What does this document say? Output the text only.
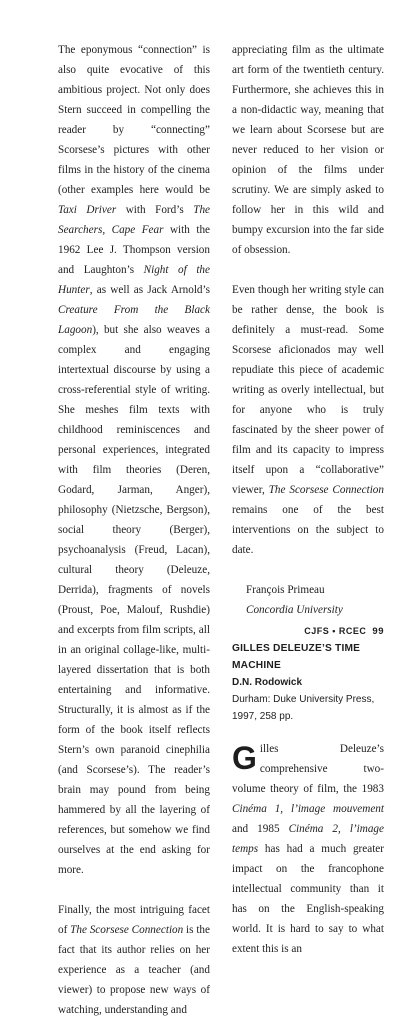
The eponymous “connection” is also quite evocative of this ambitious project. Not only does Stern succeed in compelling the reader by “connecting” Scorsese’s pictures with other films in the history of the cinema (other examples here would be Taxi Driver with Ford’s The Searchers, Cape Fear with the 1962 Lee J. Thompson version and Laughton’s Night of the Hunter, as well as Jack Arnold’s Creature From the Black Lagoon), but she also weaves a complex and engaging intertextual discourse by using a cross-referential style of writing. She meshes film texts with childhood reminiscences and personal experiences, integrated with film theories (Deren, Godard, Jarman, Anger), philosophy (Nietzsche, Bergson), social theory (Berger), psychoanalysis (Freud, Lacan), cultural theory (Deleuze, Derrida), fragments of novels (Proust, Poe, Malouf, Rushdie) and excerpts from film scripts, all in an original collage-like, multi-layered dissertation that is both entertaining and informative. Structurally, it is almost as if the form of the book itself reflects Stern’s own paranoid cinephilia (and Scorsese’s). The reader’s brain may pound from being hammered by all the layering of references, but somehow we find ourselves at the end asking for more.

Finally, the most intriguing facet of The Scorsese Connection is the fact that its author relies on her experience as a teacher (and viewer) to propose new ways of watching, understanding and

appreciating film as the ultimate art form of the twentieth century. Furthermore, she achieves this in a non-didactic way, meaning that we learn about Scorsese but are never reduced to her vision or opinion of the films under scrutiny. We are simply asked to follow her in this wild and bumpy excursion into the far side of obsession.

Even though her writing style can be rather dense, the book is definitely a must-read. Some Scorsese aficionados may well repudiate this piece of academic writing as overly intellectual, but for anyone who is truly fascinated by the sheer power of film and its capacity to impress itself upon a “collaborative” viewer, The Scorsese Connection remains one of the best interventions on the subject to date.

François Primeau

Concordia University

GILLES DELEUZE’S TIME MACHINE

D.N. Rodowick

Durham: Duke University Press, 1997, 258 pp.

Gilles Deleuze’s comprehensive two-volume theory of film, the 1983 Cinéma 1, l’image mouvement and 1985 Cinéma 2, l’image temps has had a much greater impact on the francophone intellectual community than it has on the English-speaking world. It is hard to say to what extent this is an

CJFS • RCEC 99
